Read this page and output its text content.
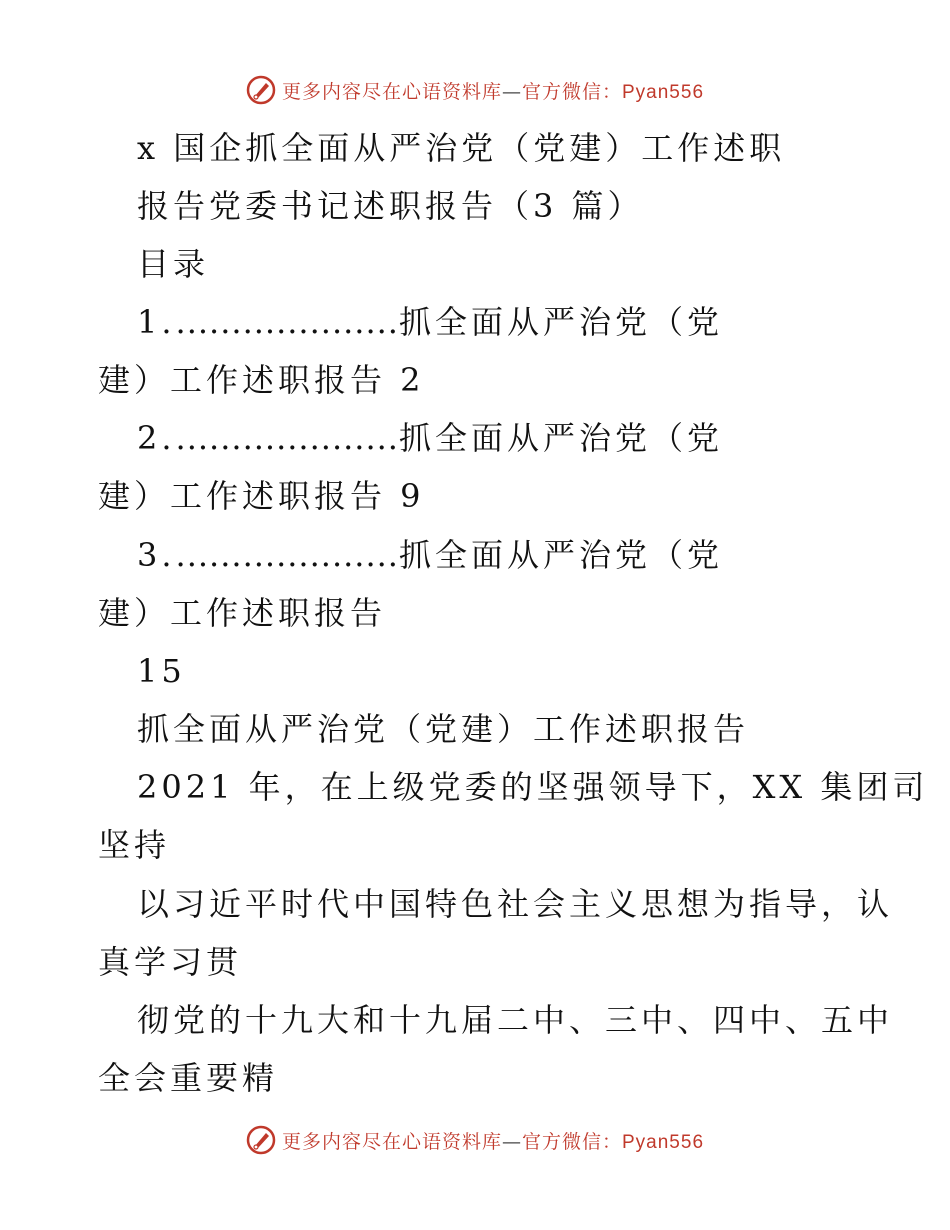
更多内容尽在心语资料库—官方微信：Pyan556
x 国企抓全面从严治党（党建）工作述职
报告党委书记述职报告（3 篇）
目录
1.....................抓全面从严治党（党
建）工作述职报告 2
2.....................抓全面从严治党（党
建）工作述职报告 9
3.....................抓全面从严治党（党
建）工作述职报告
15
抓全面从严治党（党建）工作述职报告
2021 年，在上级党委的坚强领导下，XX 集团司
坚持
以习近平时代中国特色社会主义思想为指导，认
真学习贯
彻党的十九大和十九届二中、三中、四中、五中
全会重要精
更多内容尽在心语资料库—官方微信：Pyan556
